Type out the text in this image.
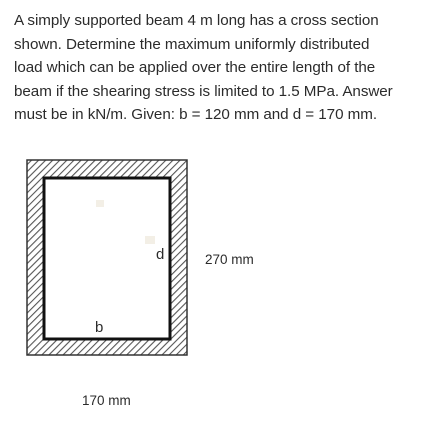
A simply supported beam 4 m long has a cross section
shown. Determine the maximum uniformly distributed
load which can be applied over the entire length of the
beam if the shearing stress is limited to 1.5 MPa. Answer
must be in kN/m. Given: b = 120 mm and d = 170 mm.
d
b
270 mm
170 mm
